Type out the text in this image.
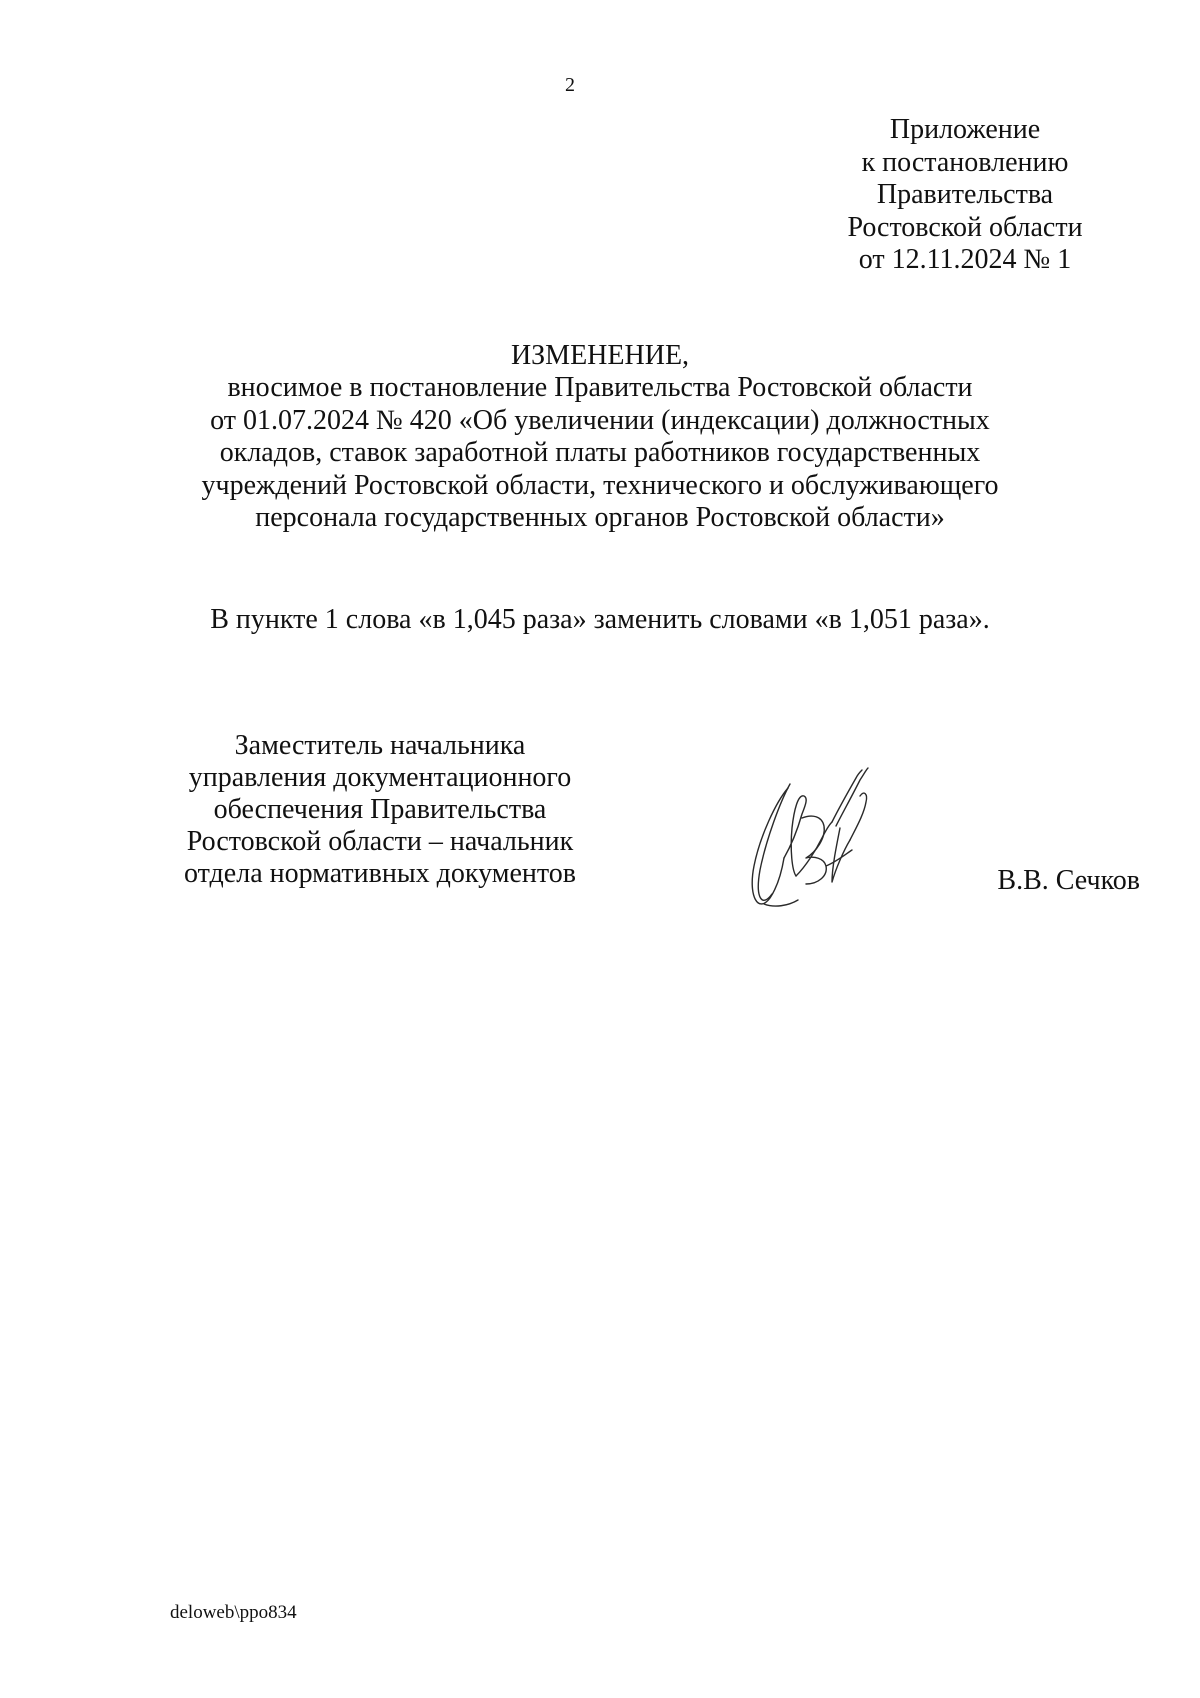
2
Приложение
к постановлению
Правительства
Ростовской области
от 12.11.2024 № 1
ИЗМЕНЕНИЕ,
вносимое в постановление Правительства Ростовской области
от 01.07.2024 № 420 «Об увеличении (индексации) должностных
окладов, ставок заработной платы работников государственных
учреждений Ростовской области, технического и обслуживающего
персонала государственных органов Ростовской области»
В пункте 1 слова «в 1,045 раза» заменить словами «в 1,051 раза».
Заместитель начальника
управления документационного
обеспечения Правительства
Ростовской области – начальник
отдела нормативных документов	В.В. Сечков
deloweb\ppo834
